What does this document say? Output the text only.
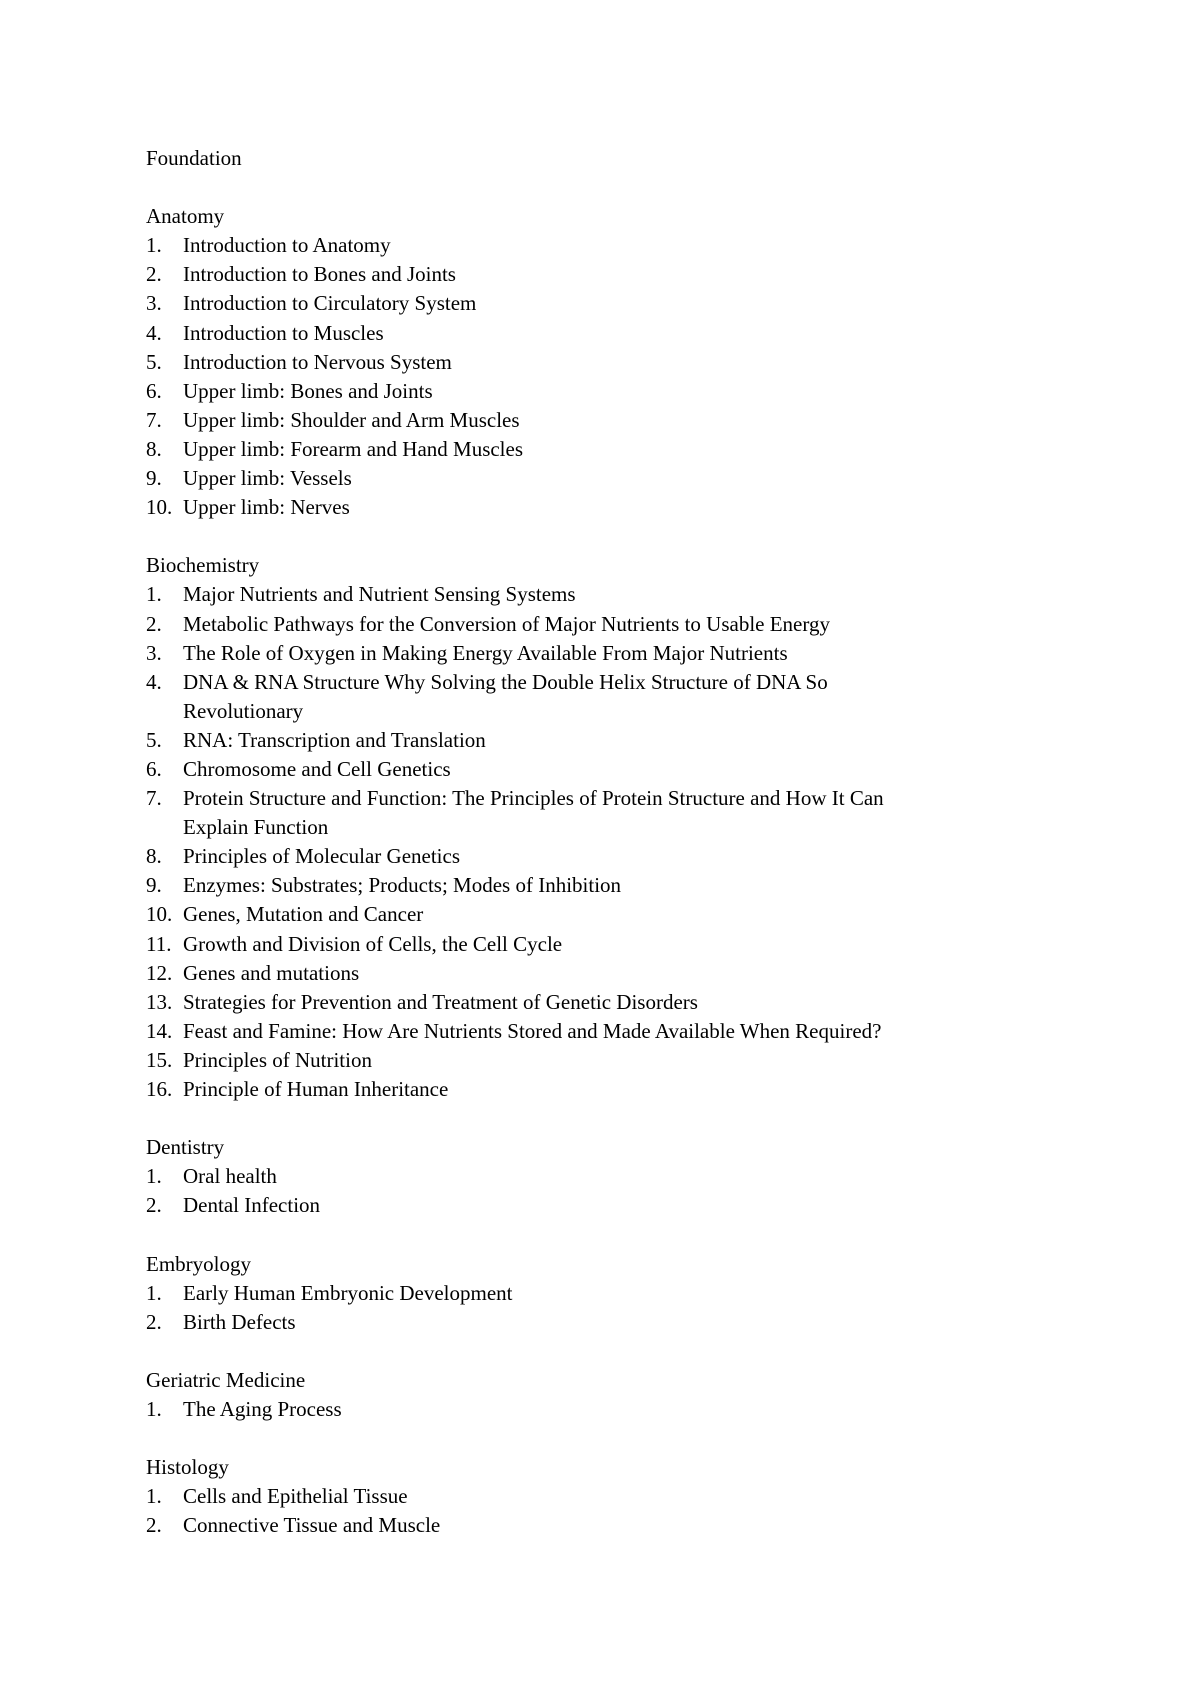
Foundation
Anatomy
1.	Introduction to Anatomy
2.	Introduction to Bones and Joints
3.	Introduction to Circulatory System
4.	Introduction to Muscles
5.	Introduction to Nervous System
6.	Upper limb: Bones and Joints
7.	Upper limb: Shoulder and Arm Muscles
8.	Upper limb: Forearm and Hand Muscles
9.	Upper limb: Vessels
10. Upper limb: Nerves
Biochemistry
1.	Major Nutrients and Nutrient Sensing Systems
2.	Metabolic Pathways for the Conversion of Major Nutrients to Usable Energy
3.	The Role of Oxygen in Making Energy Available From Major Nutrients
4.	DNA & RNA Structure Why Solving the Double Helix Structure of DNA So
Revolutionary
5.	RNA: Transcription and Translation
6.	Chromosome and Cell Genetics
7.	Protein Structure and Function: The Principles of Protein Structure and How It Can
Explain Function
8.	Principles of Molecular Genetics
9.	Enzymes: Substrates; Products; Modes of Inhibition
10. Genes, Mutation and Cancer
11. Growth and Division of Cells, the Cell Cycle
12. Genes and mutations
13. Strategies for Prevention and Treatment of Genetic Disorders
14. Feast and Famine: How Are Nutrients Stored and Made Available When Required?
15. Principles of Nutrition
16. Principle of Human Inheritance
Dentistry
1.	Oral health
2.	Dental Infection
Embryology
1.	Early Human Embryonic Development
2.	Birth Defects
Geriatric Medicine
1.	The Aging Process
Histology
1.	Cells and Epithelial Tissue
2.	Connective Tissue and Muscle
